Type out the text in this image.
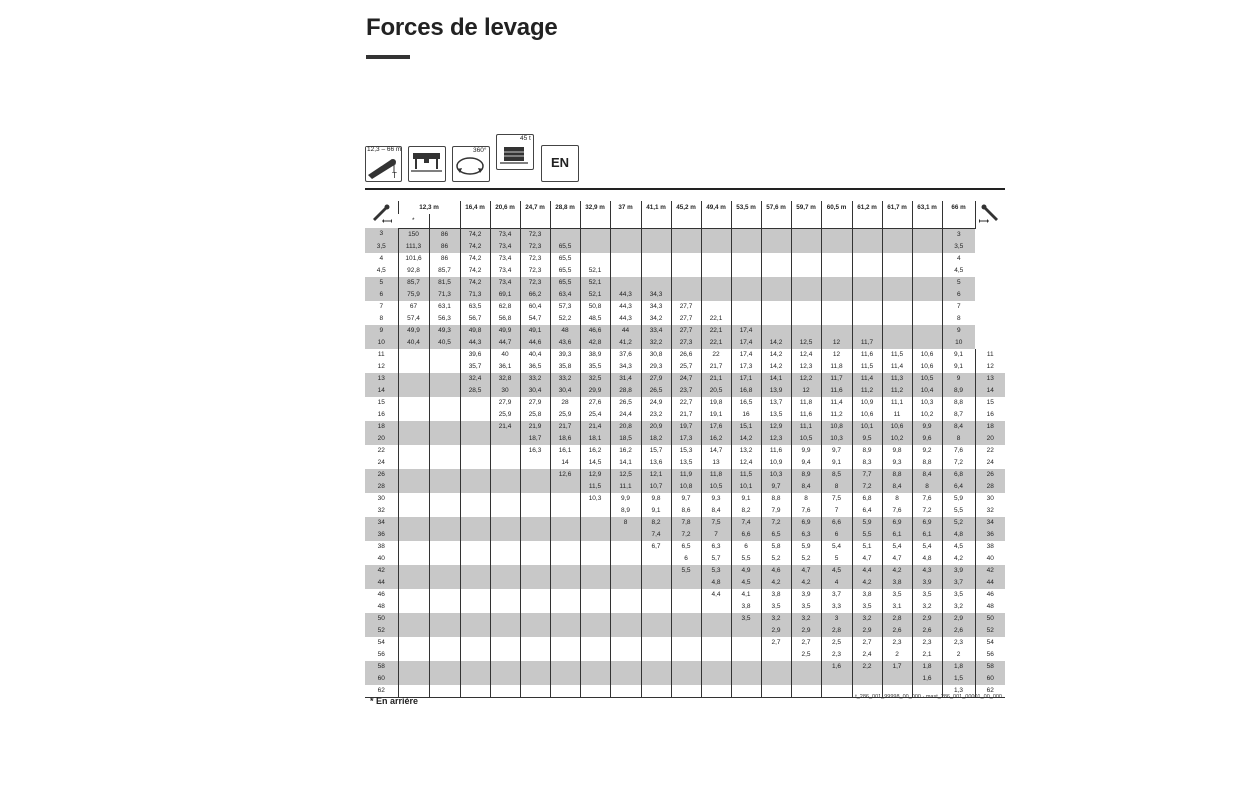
Forces de levage
12,3 – 66 m
T
360°
45 t
EN
	12,3 m		16,4 m	20,6 m	24,7 m	28,8 m	32,9 m	37 m	41,1 m	45,2 m	49,4 m	53,5 m	57,6 m	59,7 m	60,5 m	61,2 m	61,7 m	63,1 m	66 m	
	*																			
3	150	86	74,2	73,4	72,3														3	
3,5	111,3	86	74,2	73,4	72,3	65,5													3,5	
4	101,6	86	74,2	73,4	72,3	65,5													4	
4,5	92,8	85,7	74,2	73,4	72,3	65,5	52,1												4,5	
5	85,7	81,5	74,2	73,4	72,3	65,5	52,1												5	
6	75,9	71,3	71,3	69,1	66,2	63,4	52,1	44,3	34,3										6	
7	67	63,1	63,5	62,8	60,4	57,3	50,8	44,3	34,3	27,7									7	
8	57,4	56,3	56,7	56,8	54,7	52,2	48,5	44,3	34,2	27,7	22,1								8	
9	49,9	49,3	49,8	49,9	49,1	48	46,6	44	33,4	27,7	22,1	17,4							9	
10	40,4	40,5	44,3	44,7	44,6	43,6	42,8	41,2	32,2	27,3	22,1	17,4	14,2	12,5	12	11,7			10	
11			39,6	40	40,4	39,3	38,9	37,6	30,8	26,6	22	17,4	14,2	12,4	12	11,6	11,5	10,6	9,1	11
12			35,7	36,1	36,5	35,8	35,5	34,3	29,3	25,7	21,7	17,3	14,2	12,3	11,8	11,5	11,4	10,6	9,1	12
13			32,4	32,8	33,2	33,2	32,5	31,4	27,9	24,7	21,1	17,1	14,1	12,2	11,7	11,4	11,3	10,5	9	13
14			28,5	30	30,4	30,4	29,9	28,8	26,5	23,7	20,5	16,8	13,9	12	11,6	11,2	11,2	10,4	8,9	14
15				27,9	27,9	28	27,6	26,5	24,9	22,7	19,8	16,5	13,7	11,8	11,4	10,9	11,1	10,3	8,8	15
16				25,9	25,8	25,9	25,4	24,4	23,2	21,7	19,1	16	13,5	11,6	11,2	10,6	11	10,2	8,7	16
18				21,4	21,9	21,7	21,4	20,8	20,9	19,7	17,6	15,1	12,9	11,1	10,8	10,1	10,6	9,9	8,4	18
20					18,7	18,6	18,1	18,5	18,2	17,3	16,2	14,2	12,3	10,5	10,3	9,5	10,2	9,6	8	20
22					16,3	16,1	16,2	16,2	15,7	15,3	14,7	13,2	11,6	9,9	9,7	8,9	9,8	9,2	7,6	22
24						14	14,5	14,1	13,6	13,5	13	12,4	10,9	9,4	9,1	8,3	9,3	8,8	7,2	24
26						12,6	12,9	12,5	12,1	11,9	11,8	11,5	10,3	8,9	8,5	7,7	8,8	8,4	6,8	26
28							11,5	11,1	10,7	10,8	10,5	10,1	9,7	8,4	8	7,2	8,4	8	6,4	28
30							10,3	9,9	9,8	9,7	9,3	9,1	8,8	8	7,5	6,8	8	7,6	5,9	30
32								8,9	9,1	8,6	8,4	8,2	7,9	7,6	7	6,4	7,6	7,2	5,5	32
34								8	8,2	7,8	7,5	7,4	7,2	6,9	6,6	5,9	6,9	6,9	5,2	34
36									7,4	7,2	7	6,6	6,5	6,3	6	5,5	6,1	6,1	4,8	36
38									6,7	6,5	6,3	6	5,8	5,9	5,4	5,1	5,4	5,4	4,5	38
40										6	5,7	5,5	5,2	5,2	5	4,7	4,7	4,8	4,2	40
42										5,5	5,3	4,9	4,6	4,7	4,5	4,4	4,2	4,3	3,9	42
44											4,8	4,5	4,2	4,2	4	4,2	3,8	3,9	3,7	44
46											4,4	4,1	3,8	3,9	3,7	3,8	3,5	3,5	3,5	46
48												3,8	3,5	3,5	3,3	3,5	3,1	3,2	3,2	48
50												3,5	3,2	3,2	3	3,2	2,8	2,9	2,9	50
52													2,9	2,9	2,8	2,9	2,6	2,6	2,6	52
54													2,7	2,7	2,5	2,7	2,3	2,3	2,3	54
56														2,5	2,3	2,4	2	2,1	2	56
58															1,6	2,2	1,7	1,8	1,8	58
60																		1,6	1,5	60
62																			1,3	62
* En arrière	t_286_001_99998_00_000 · mast_286_001_00001_00_000
